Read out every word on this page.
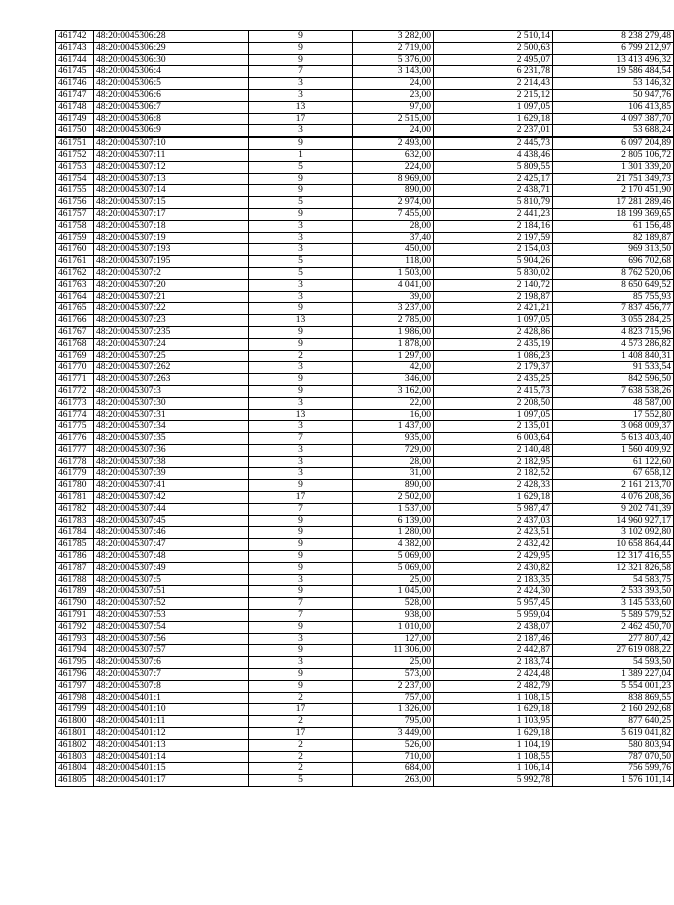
461742	48:20:0045306:28	9	3 282,00	2 510,14	8 238 279,48
461743	48:20:0045306:29	9	2 719,00	2 500,63	6 799 212,97
461744	48:20:0045306:30	9	5 376,00	2 495,07	13 413 496,32
461745	48:20:0045306:4	7	3 143,00	6 231,78	19 586 484,54
461746	48:20:0045306:5	3	24,00	2 214,43	53 146,32
461747	48:20:0045306:6	3	23,00	2 215,12	50 947,76
461748	48:20:0045306:7	13	97,00	1 097,05	106 413,85
461749	48:20:0045306:8	17	2 515,00	1 629,18	4 097 387,70
461750	48:20:0045306:9	3	24,00	2 237,01	53 688,24
461751	48:20:0045307:10	9	2 493,00	2 445,73	6 097 204,89
461752	48:20:0045307:11	1	632,00	4 438,46	2 805 106,72
461753	48:20:0045307:12	5	224,00	5 809,55	1 301 339,20
461754	48:20:0045307:13	9	8 969,00	2 425,17	21 751 349,73
461755	48:20:0045307:14	9	890,00	2 438,71	2 170 451,90
461756	48:20:0045307:15	5	2 974,00	5 810,79	17 281 289,46
461757	48:20:0045307:17	9	7 455,00	2 441,23	18 199 369,65
461758	48:20:0045307:18	3	28,00	2 184,16	61 156,48
461759	48:20:0045307:19	3	37,40	2 197,59	82 189,87
461760	48:20:0045307:193	3	450,00	2 154,03	969 313,50
461761	48:20:0045307:195	5	118,00	5 904,26	696 702,68
461762	48:20:0045307:2	5	1 503,00	5 830,02	8 762 520,06
461763	48:20:0045307:20	3	4 041,00	2 140,72	8 650 649,52
461764	48:20:0045307:21	3	39,00	2 198,87	85 755,93
461765	48:20:0045307:22	9	3 237,00	2 421,21	7 837 456,77
461766	48:20:0045307:23	13	2 785,00	1 097,05	3 055 284,25
461767	48:20:0045307:235	9	1 986,00	2 428,86	4 823 715,96
461768	48:20:0045307:24	9	1 878,00	2 435,19	4 573 286,82
461769	48:20:0045307:25	2	1 297,00	1 086,23	1 408 840,31
461770	48:20:0045307:262	3	42,00	2 179,37	91 533,54
461771	48:20:0045307:263	9	346,00	2 435,25	842 596,50
461772	48:20:0045307:3	9	3 162,00	2 415,73	7 638 538,26
461773	48:20:0045307:30	3	22,00	2 208,50	48 587,00
461774	48:20:0045307:31	13	16,00	1 097,05	17 552,80
461775	48:20:0045307:34	3	1 437,00	2 135,01	3 068 009,37
461776	48:20:0045307:35	7	935,00	6 003,64	5 613 403,40
461777	48:20:0045307:36	3	729,00	2 140,48	1 560 409,92
461778	48:20:0045307:38	3	28,00	2 182,95	61 122,60
461779	48:20:0045307:39	3	31,00	2 182,52	67 658,12
461780	48:20:0045307:41	9	890,00	2 428,33	2 161 213,70
461781	48:20:0045307:42	17	2 502,00	1 629,18	4 076 208,36
461782	48:20:0045307:44	7	1 537,00	5 987,47	9 202 741,39
461783	48:20:0045307:45	9	6 139,00	2 437,03	14 960 927,17
461784	48:20:0045307:46	9	1 280,00	2 423,51	3 102 092,80
461785	48:20:0045307:47	9	4 382,00	2 432,42	10 658 864,44
461786	48:20:0045307:48	9	5 069,00	2 429,95	12 317 416,55
461787	48:20:0045307:49	9	5 069,00	2 430,82	12 321 826,58
461788	48:20:0045307:5	3	25,00	2 183,35	54 583,75
461789	48:20:0045307:51	9	1 045,00	2 424,30	2 533 393,50
461790	48:20:0045307:52	7	528,00	5 957,45	3 145 533,60
461791	48:20:0045307:53	7	938,00	5 959,04	5 589 579,52
461792	48:20:0045307:54	9	1 010,00	2 438,07	2 462 450,70
461793	48:20:0045307:56	3	127,00	2 187,46	277 807,42
461794	48:20:0045307:57	9	11 306,00	2 442,87	27 619 088,22
461795	48:20:0045307:6	3	25,00	2 183,74	54 593,50
461796	48:20:0045307:7	9	573,00	2 424,48	1 389 227,04
461797	48:20:0045307:8	9	2 237,00	2 482,79	5 554 001,23
461798	48:20:0045401:1	2	757,00	1 108,15	838 869,55
461799	48:20:0045401:10	17	1 326,00	1 629,18	2 160 292,68
461800	48:20:0045401:11	2	795,00	1 103,95	877 640,25
461801	48:20:0045401:12	17	3 449,00	1 629,18	5 619 041,82
461802	48:20:0045401:13	2	526,00	1 104,19	580 803,94
461803	48:20:0045401:14	2	710,00	1 108,55	787 070,50
461804	48:20:0045401:15	2	684,00	1 106,14	756 599,76
461805	48:20:0045401:17	5	263,00	5 992,78	1 576 101,14
